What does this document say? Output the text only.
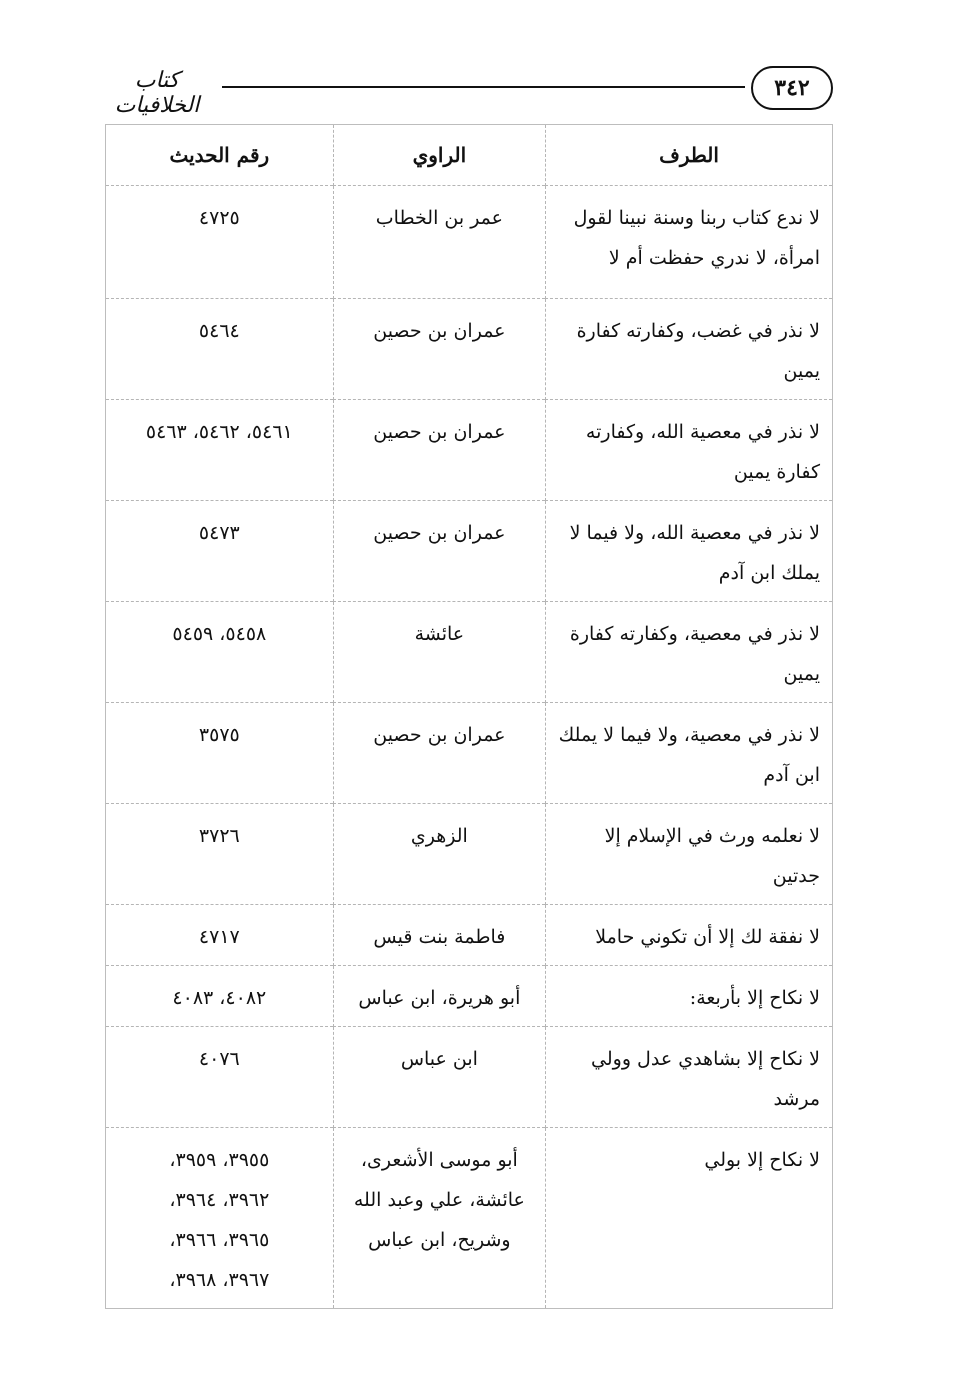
كتاب الخلافيات
٣٤٢
الطرف	الراوي	رقم الحديث
لا ندع كتاب ربنا وسنة نبينا لقول امرأة، لا ندري حفظت أم لا	عمر بن الخطاب	٤٧٢٥
لا نذر في غضب، وكفارته كفارة يمين	عمران بن حصين	٥٤٦٤
لا نذر في معصية الله، وكفارته كفارة يمين	عمران بن حصين	٥٤٦١، ٥٤٦٢، ٥٤٦٣
لا نذر في معصية الله، ولا فيما لا يملك ابن آدم	عمران بن حصين	٥٤٧٣
لا نذر في معصية، وكفارته كفارة يمين	عائشة	٥٤٥٨، ٥٤٥٩
لا نذر في معصية، ولا فيما لا يملك ابن آدم	عمران بن حصين	٣٥٧٥
لا نعلمه ورث في الإسلام إلا جدتين	الزهري	٣٧٢٦
لا نفقة لك إلا أن تكوني حاملا	فاطمة بنت قيس	٤٧١٧
لا نكاح إلا بأربعة:	أبو هريرة، ابن عباس	٤٠٨٢، ٤٠٨٣
لا نكاح إلا بشاهدي عدل وولي مرشد	ابن عباس	٤٠٧٦
لا نكاح إلا بولي	أبو موسى الأشعرى، عائشة، علي وعبد الله وشريح، ابن عباس	٣٩٥٥، ٣٩٥٩،
٣٩٦٢، ٣٩٦٤،
٣٩٦٥، ٣٩٦٦،
٣٩٦٧، ٣٩٦٨،
